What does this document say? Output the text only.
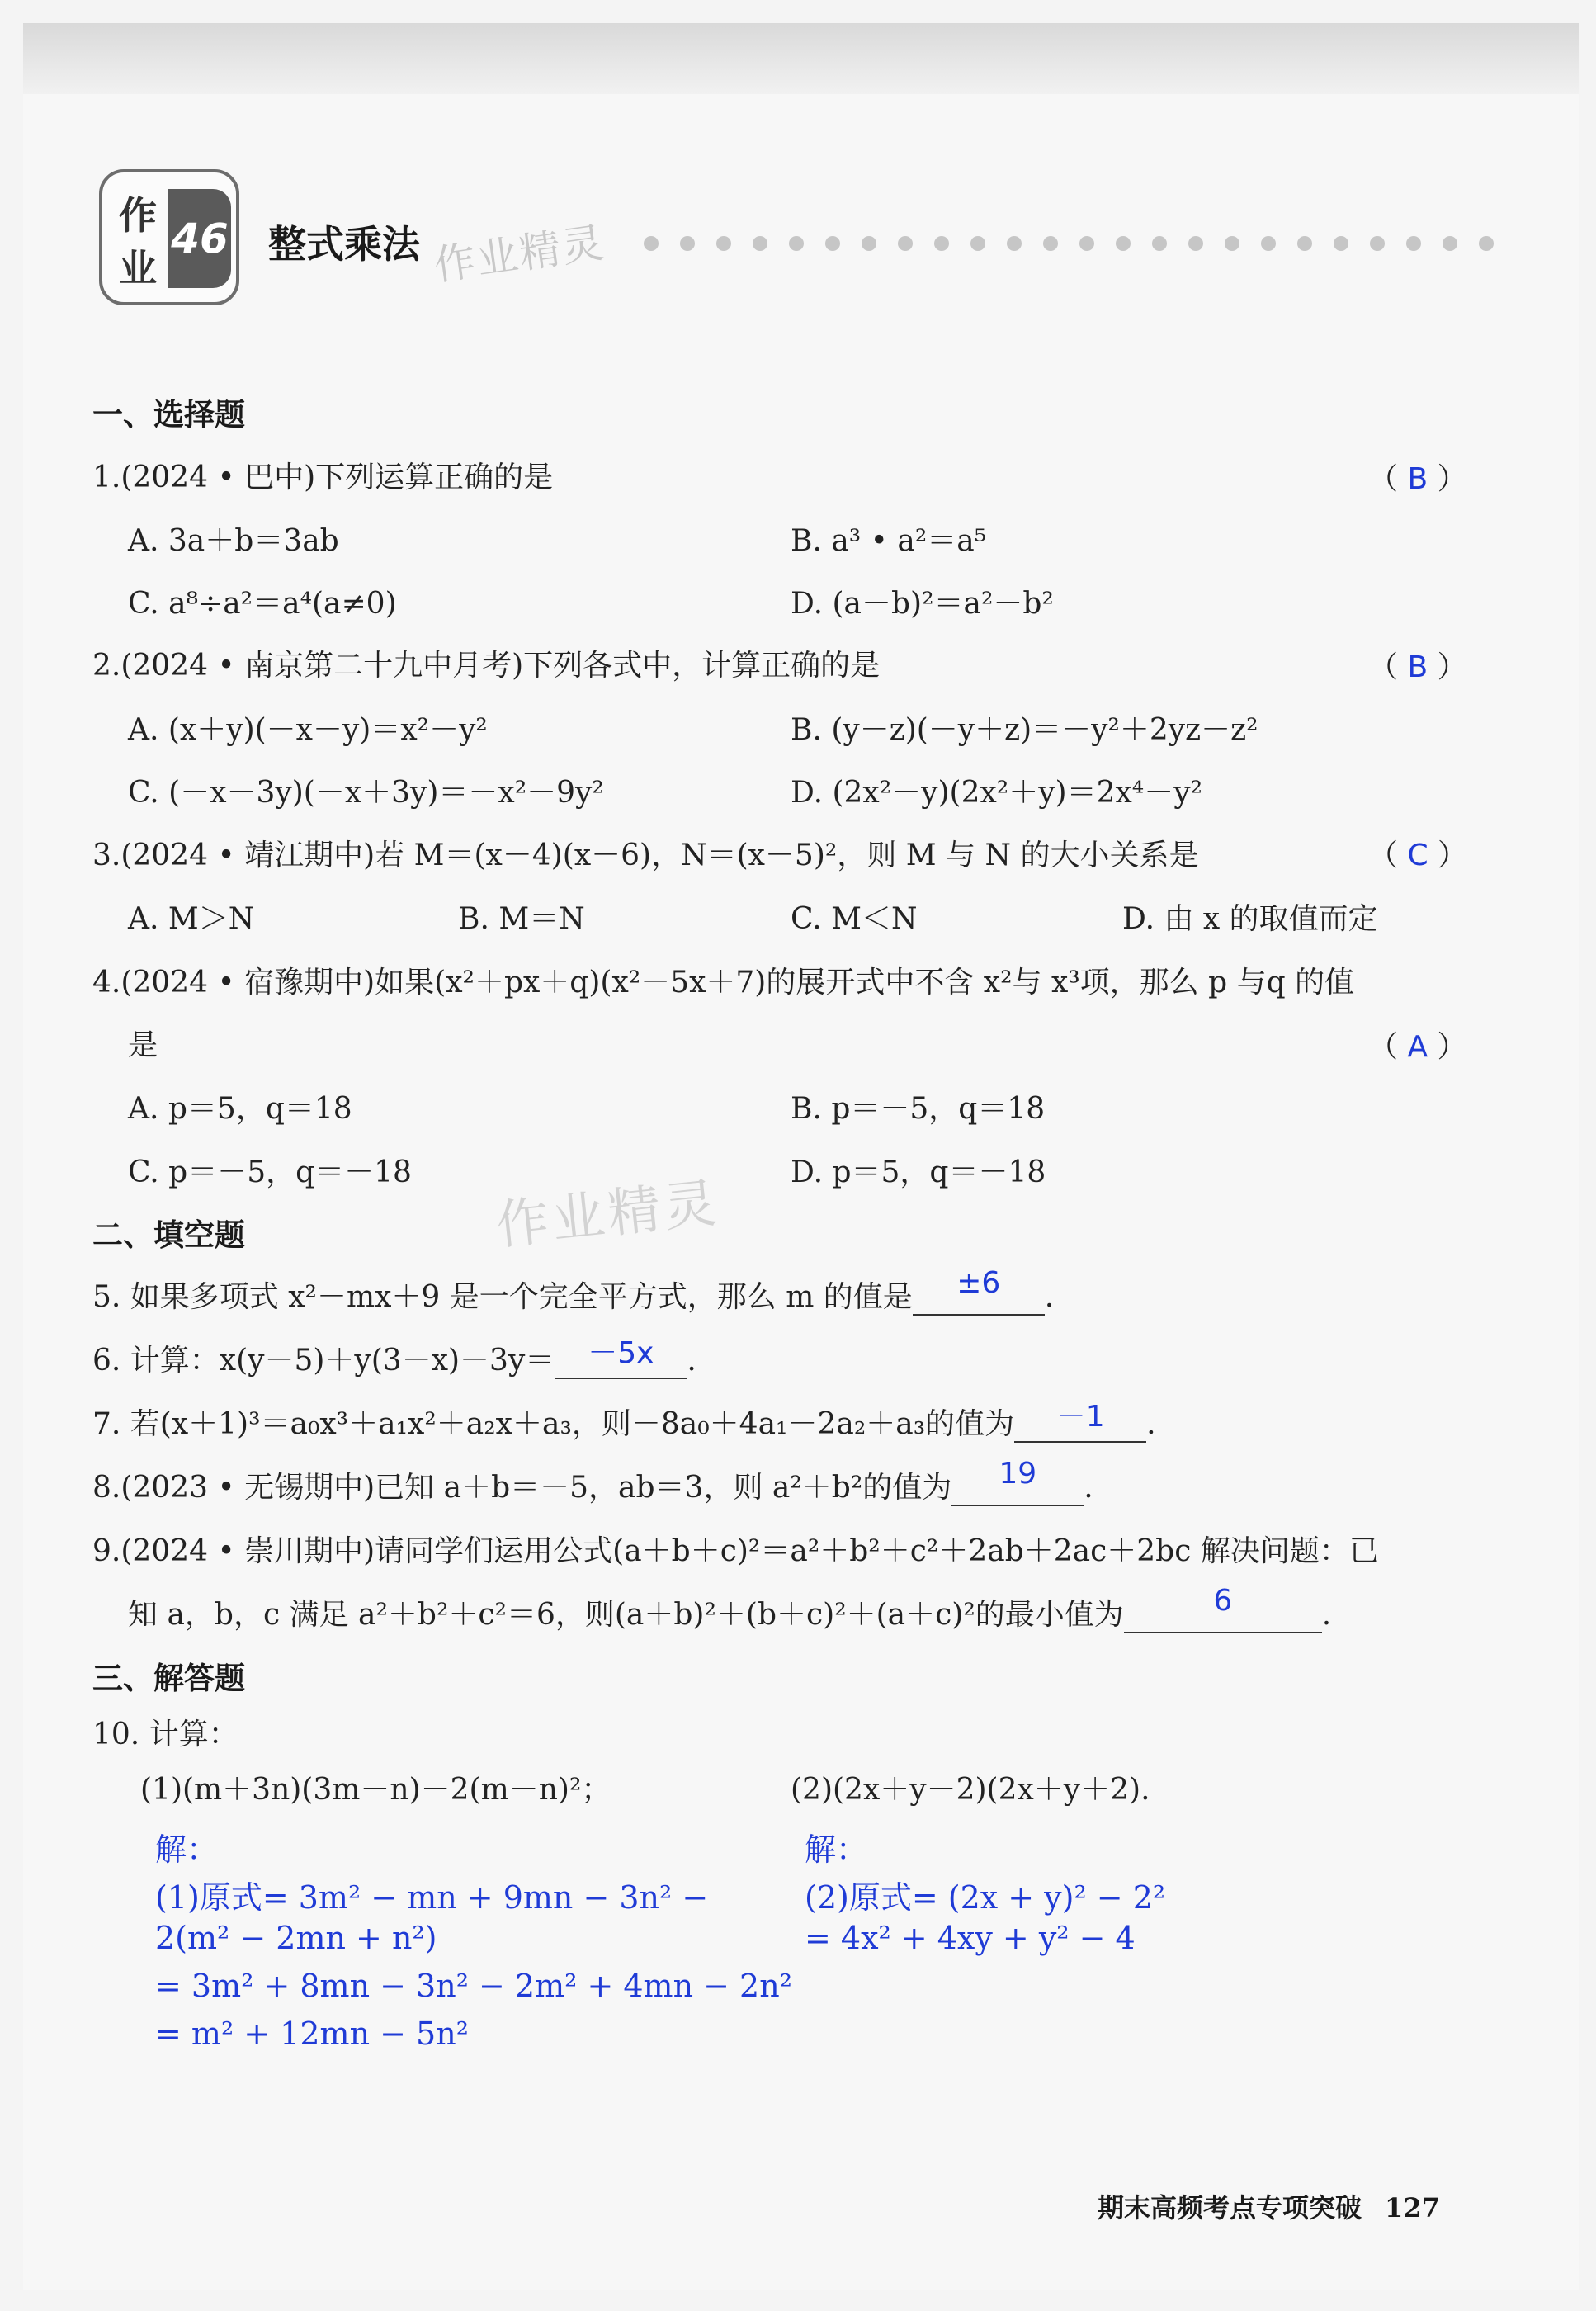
作
业
46 整式乘法 作业精灵
一、选择题
1.(2024 • 巴中)下列运算正确的是	（ B ）
A. 3a＋b＝3ab	B. a³ • a²＝a⁵
C. a⁸÷a²＝a⁴(a≠0)	D. (a－b)²＝a²－b²
2.(2024 • 南京第二十九中月考)下列各式中，计算正确的是	（ B ）
A. (x＋y)(－x－y)＝x²－y²	B. (y－z)(－y＋z)＝－y²＋2yz－z²
C. (－x－3y)(－x＋3y)＝－x²－9y²	D. (2x²－y)(2x²＋y)＝2x⁴－y²
3.(2024 • 靖江期中)若 M＝(x－4)(x－6)，N＝(x－5)²，则 M 与 N 的大小关系是	（ C ）
A. M＞N	B. M＝N	C. M＜N	D. 由 x 的取值而定
4.(2024 • 宿豫期中)如果(x²＋px＋q)(x²－5x＋7)的展开式中不含 x²与 x³项，那么 p 与q 的值
是	（ A ）
A. p＝5，q＝18	B. p＝－5，q＝18
C. p＝－5，q＝－18	D. p＝5，q＝－18
作业精灵
二、填空题
5. 如果多项式 x²－mx＋9 是一个完全平方式，那么 m 的值是	±6	.
6. 计算：x(y－5)＋y(3－x)－3y＝	－5x	.
7. 若(x＋1)³＝a₀x³＋a₁x²＋a₂x＋a₃，则－8a₀＋4a₁－2a₂＋a₃的值为	－1	.
8.(2023 • 无锡期中)已知 a＋b＝－5，ab＝3，则 a²＋b²的值为	19	.
9.(2024 • 崇川期中)请同学们运用公式(a＋b＋c)²＝a²＋b²＋c²＋2ab＋2ac＋2bc 解决问题：已
知 a，b，c 满足 a²＋b²＋c²＝6，则(a＋b)²＋(b＋c)²＋(a＋c)²的最小值为	6	.
三、解答题
10. 计算：
(1)(m＋3n)(3m－n)－2(m－n)²；	(2)(2x＋y－2)(2x＋y＋2).
解：
(1)原式= 3m² − mn + 9mn − 3n² −
2(m² − 2mn + n²)
= 3m² + 8mn − 3n² − 2m² + 4mn − 2n²
= m² + 12mn − 5n²
解：
(2)原式= (2x + y)² − 2²
= 4x² + 4xy + y² − 4
期末高频考点专项突破 127
